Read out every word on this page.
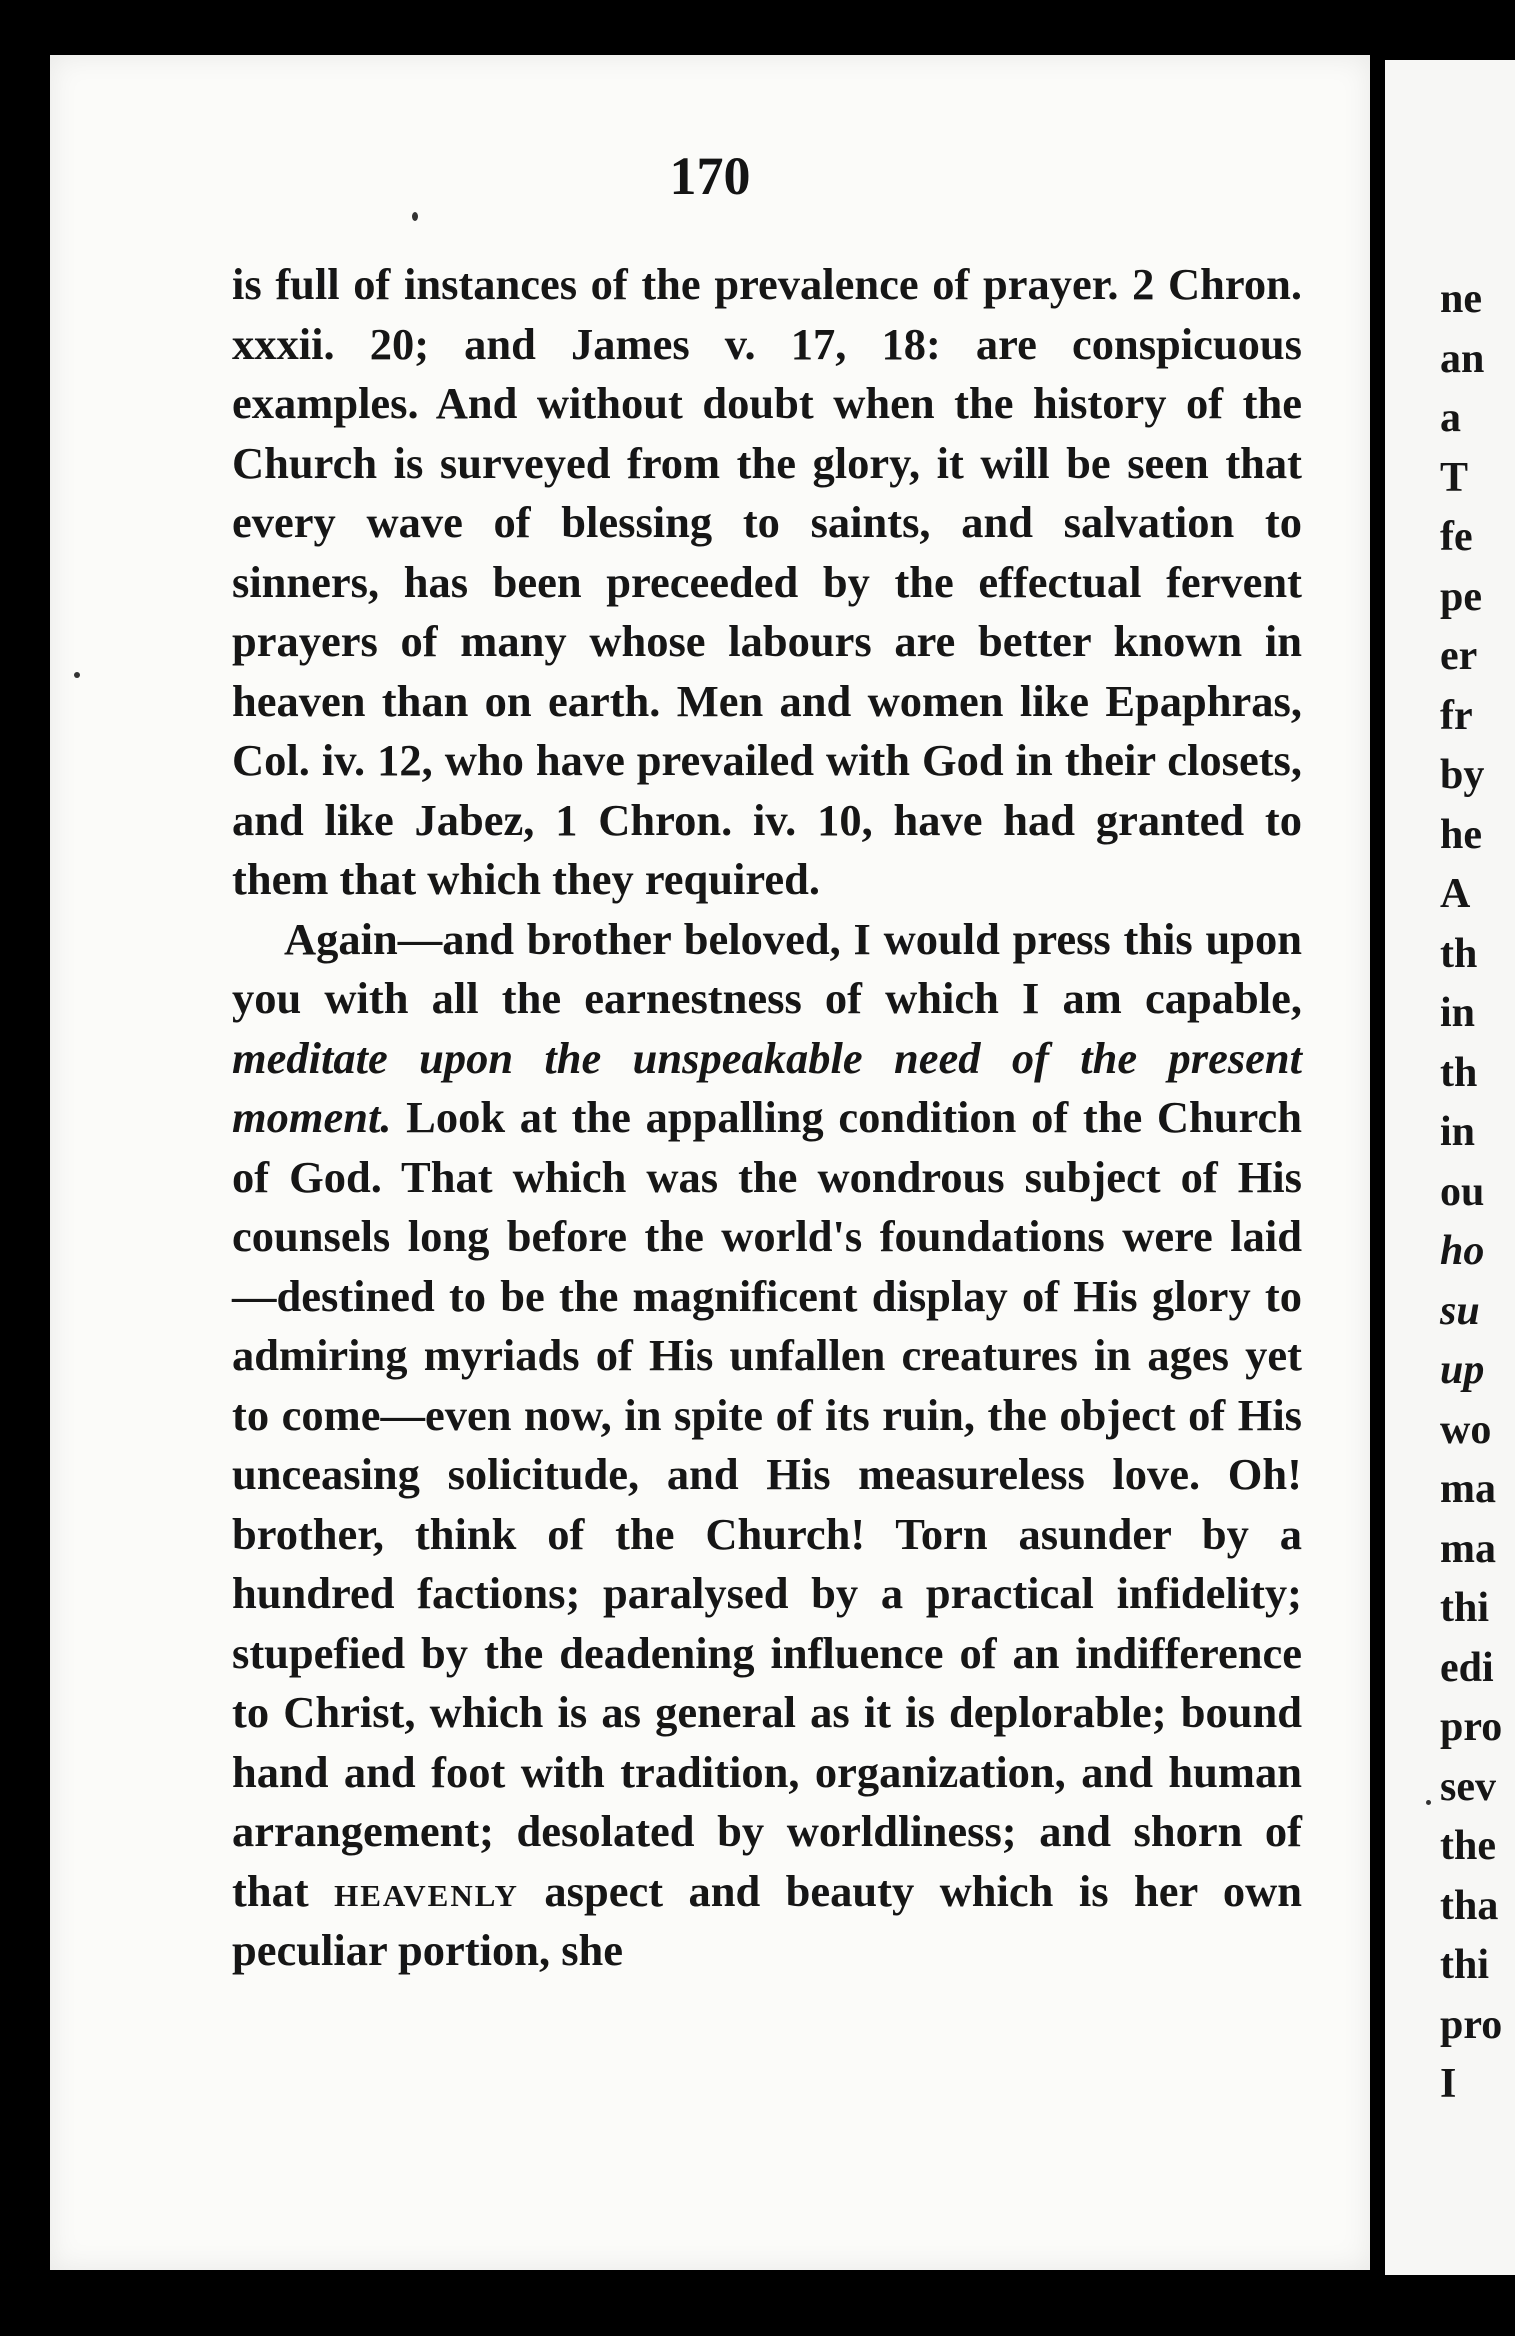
170

is full of instances of the prevalence of prayer. 2 Chron. xxxii. 20; and James v. 17, 18: are conspicuous examples. And without doubt when the history of the Church is surveyed from the glory, it will be seen that every wave of blessing to saints, and salvation to sinners, has been preceeded by the effectual fervent prayers of many whose labours are better known in heaven than on earth. Men and women like Epaphras, Col. iv. 12, who have prevailed with God in their closets, and like Jabez, 1 Chron. iv. 10, have had granted to them that which they required.

Again—and brother beloved, I would press this upon you with all the earnestness of which I am capable, meditate upon the unspeakable need of the present moment. Look at the appalling condition of the Church of God. That which was the wondrous subject of His counsels long before the world's foundations were laid—destined to be the magnificent display of His glory to admiring myriads of His unfallen creatures in ages yet to come—even now, in spite of its ruin, the object of His unceasing solicitude, and His measureless love. Oh! brother, think of the Church! Torn asunder by a hundred factions; paralysed by a practical infidelity; stupefied by the deadening influence of an indifference to Christ, which is as general as it is deplorable; bound hand and foot with tradition, organization, and human arrangement; desolated by worldliness; and shorn of that heavenly aspect and beauty which is her own peculiar portion, she

ne
an
a
T
fe
pe
er
fr
by
he
A
th
in
th
in
ou
ho
su
up
wo
ma
ma
thi
edi
pro
sev
the
tha
thi
pro
I
